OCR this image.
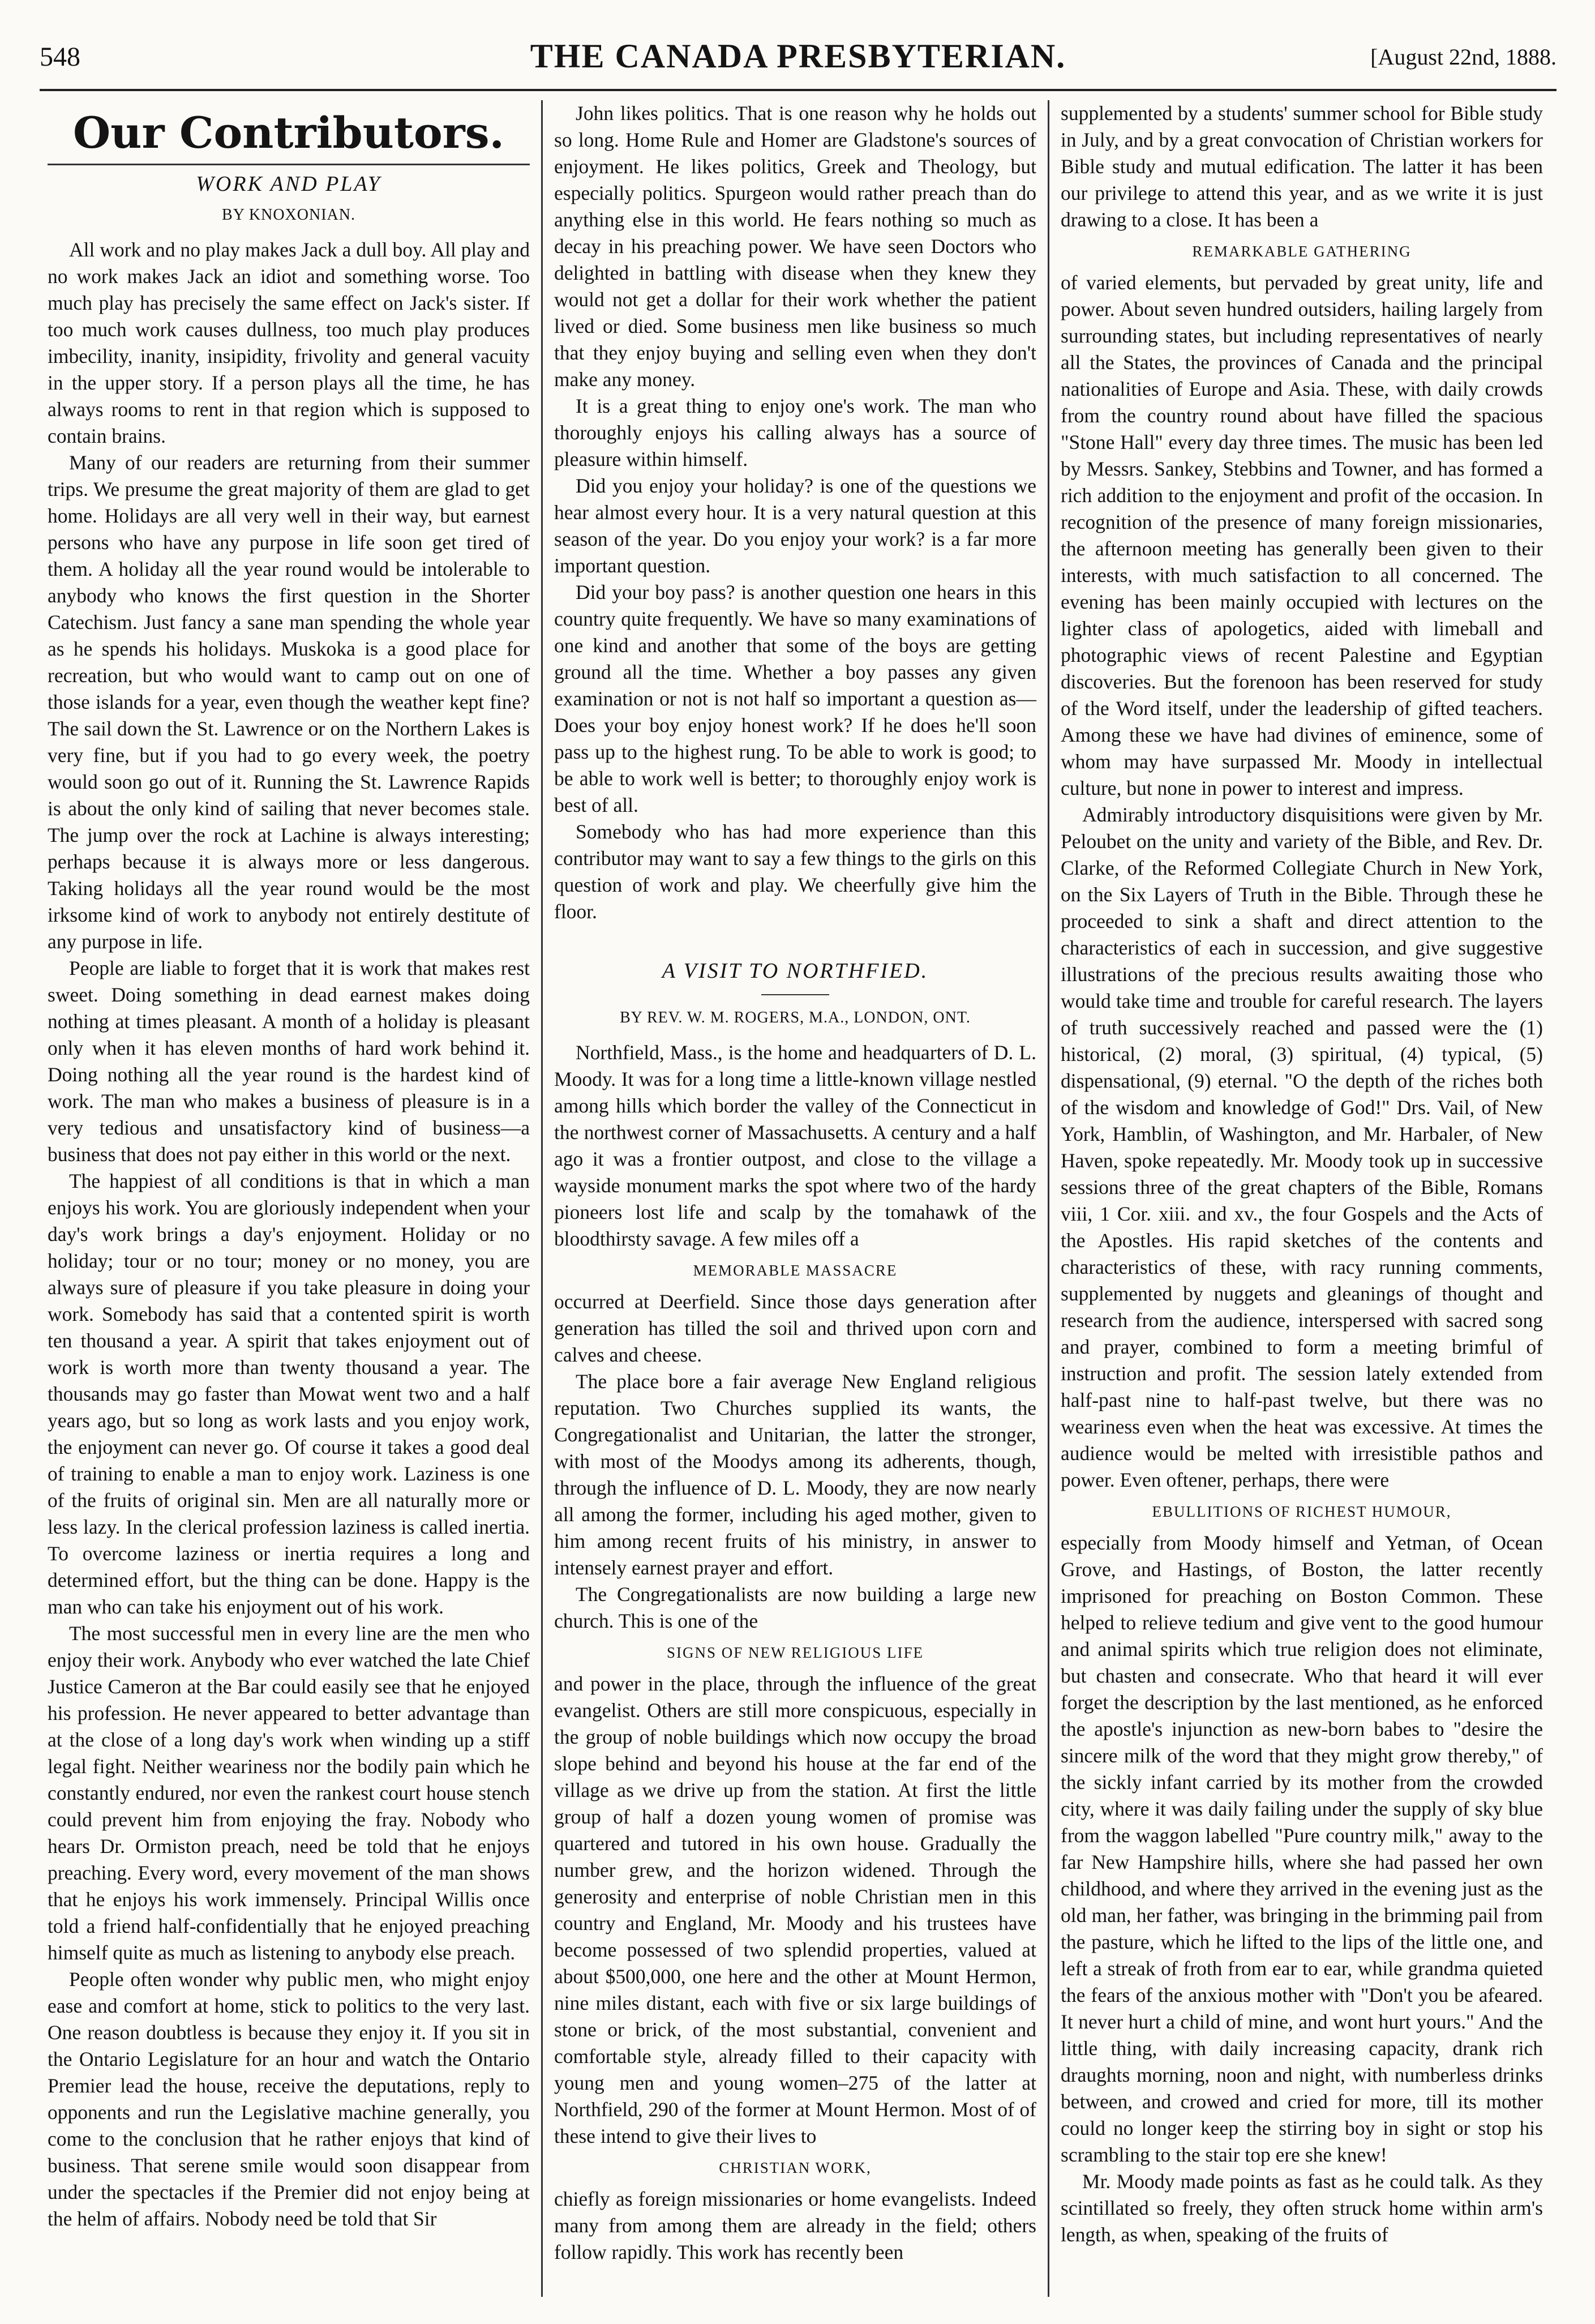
548	THE CANADA PRESBYTERIAN.	[August 22nd, 1888.
Our Contributors.
WORK AND PLAY
BY KNOXONIAN.

All work and no play makes Jack a dull boy. All play and no work makes Jack an idiot and something worse. Too much play has precisely the same effect on Jack's sister. If too much work causes dullness, too much play produces imbecility, inanity, insipidity, frivolity and general vacuity in the upper story. If a person plays all the time, he has always rooms to rent in that region which is supposed to contain brains.

Many of our readers are returning from their summer trips. We presume the great majority of them are glad to get home. Holidays are all very well in their way, but earnest persons who have any purpose in life soon get tired of them. A holiday all the year round would be intolerable to anybody who knows the first question in the Shorter Catechism. Just fancy a sane man spending the whole year as he spends his holidays. Muskoka is a good place for recreation, but who would want to camp out on one of those islands for a year, even though the weather kept fine? The sail down the St. Lawrence or on the Northern Lakes is very fine, but if you had to go every week, the poetry would soon go out of it. Running the St. Lawrence Rapids is about the only kind of sailing that never becomes stale. The jump over the rock at Lachine is always interesting; perhaps because it is always more or less dangerous. Taking holidays all the year round would be the most irksome kind of work to anybody not entirely destitute of any purpose in life.

People are liable to forget that it is work that makes rest sweet. Doing something in dead earnest makes doing nothing at times pleasant. A month of a holiday is pleasant only when it has eleven months of hard work behind it. Doing nothing all the year round is the hardest kind of work. The man who makes a business of pleasure is in a very tedious and unsatisfactory kind of business—a business that does not pay either in this world or the next.

The happiest of all conditions is that in which a man enjoys his work. You are gloriously independent when your day's work brings a day's enjoyment. Holiday or no holiday; tour or no tour; money or no money, you are always sure of pleasure if you take pleasure in doing your work. Somebody has said that a contented spirit is worth ten thousand a year. A spirit that takes enjoyment out of work is worth more than twenty thousand a year. The thousands may go faster than Mowat went two and a half years ago, but so long as work lasts and you enjoy work, the enjoyment can never go. Of course it takes a good deal of training to enable a man to enjoy work. Laziness is one of the fruits of original sin. Men are all naturally more or less lazy. In the clerical profession laziness is called inertia. To overcome laziness or inertia requires a long and determined effort, but the thing can be done. Happy is the man who can take his enjoyment out of his work.

The most successful men in every line are the men who enjoy their work. Anybody who ever watched the late Chief Justice Cameron at the Bar could easily see that he enjoyed his profession. He never appeared to better advantage than at the close of a long day's work when winding up a stiff legal fight. Neither weariness nor the bodily pain which he constantly endured, nor even the rankest court house stench could prevent him from enjoying the fray. Nobody who hears Dr. Ormiston preach, need be told that he enjoys preaching. Every word, every movement of the man shows that he enjoys his work immensely. Principal Willis once told a friend half-confidentially that he enjoyed preaching himself quite as much as listening to anybody else preach.

People often wonder why public men, who might enjoy ease and comfort at home, stick to politics to the very last. One reason doubtless is because they enjoy it. If you sit in the Ontario Legislature for an hour and watch the Ontario Premier lead the house, receive the deputations, reply to opponents and run the Legislative machine generally, you come to the conclusion that he rather enjoys that kind of business. That serene smile would soon disappear from under the spectacles if the Premier did not enjoy being at the helm of affairs. Nobody need be told that Sir

John likes politics. That is one reason why he holds out so long. Home Rule and Homer are Gladstone's sources of enjoyment. He likes politics, Greek and Theology, but especially politics. Spurgeon would rather preach than do anything else in this world. He fears nothing so much as decay in his preaching power. We have seen Doctors who delighted in battling with disease when they knew they would not get a dollar for their work whether the patient lived or died. Some business men like business so much that they enjoy buying and selling even when they don't make any money.

It is a great thing to enjoy one's work. The man who thoroughly enjoys his calling always has a source of pleasure within himself.

Did you enjoy your holiday? is one of the questions we hear almost every hour. It is a very natural question at this season of the year. Do you enjoy your work? is a far more important question.

Did your boy pass? is another question one hears in this country quite frequently. We have so many examinations of one kind and another that some of the boys are getting ground all the time. Whether a boy passes any given examination or not is not half so important a question as—Does your boy enjoy honest work? If he does he'll soon pass up to the highest rung. To be able to work is good; to be able to work well is better; to thoroughly enjoy work is best of all.

Somebody who has had more experience than this contributor may want to say a few things to the girls on this question of work and play. We cheerfully give him the floor.

A VISIT TO NORTHFIED.
BY REV. W. M. ROGERS, M.A., LONDON, ONT.

Northfield, Mass., is the home and headquarters of D. L. Moody. It was for a long time a little-known village nestled among hills which border the valley of the Connecticut in the northwest corner of Massachusetts. A century and a half ago it was a frontier outpost, and close to the village a wayside monument marks the spot where two of the hardy pioneers lost life and scalp by the tomahawk of the bloodthirsty savage. A few miles off a

MEMORABLE MASSACRE

occurred at Deerfield. Since those days generation after generation has tilled the soil and thrived upon corn and calves and cheese.

The place bore a fair average New England religious reputation. Two Churches supplied its wants, the Congregationalist and Unitarian, the latter the stronger, with most of the Moodys among its adherents, though, through the influence of D. L. Moody, they are now nearly all among the former, including his aged mother, given to him among recent fruits of his ministry, in answer to intensely earnest prayer and effort.

The Congregationalists are now building a large new church. This is one of the

SIGNS OF NEW RELIGIOUS LIFE

and power in the place, through the influence of the great evangelist. Others are still more conspicuous, especially in the group of noble buildings which now occupy the broad slope behind and beyond his house at the far end of the village as we drive up from the station. At first the little group of half a dozen young women of promise was quartered and tutored in his own house. Gradually the number grew, and the horizon widened. Through the generosity and enterprise of noble Christian men in this country and England, Mr. Moody and his trustees have become possessed of two splendid properties, valued at about $500,000, one here and the other at Mount Hermon, nine miles distant, each with five or six large buildings of stone or brick, of the most substantial, convenient and comfortable style, already filled to their capacity with young men and young women–275 of the latter at Northfield, 290 of the former at Mount Hermon. Most of of these intend to give their lives to

CHRISTIAN WORK,

chiefly as foreign missionaries or home evangelists. Indeed many from among them are already in the field; others follow rapidly. This work has recently been

supplemented by a students' summer school for Bible study in July, and by a great convocation of Christian workers for Bible study and mutual edification. The latter it has been our privilege to attend this year, and as we write it is just drawing to a close. It has been a

REMARKABLE GATHERING

of varied elements, but pervaded by great unity, life and power. About seven hundred outsiders, hailing largely from surrounding states, but including representatives of nearly all the States, the provinces of Canada and the principal nationalities of Europe and Asia. These, with daily crowds from the country round about have filled the spacious "Stone Hall" every day three times. The music has been led by Messrs. Sankey, Stebbins and Towner, and has formed a rich addition to the enjoyment and profit of the occasion. In recognition of the presence of many foreign missionaries, the afternoon meeting has generally been given to their interests, with much satisfaction to all concerned. The evening has been mainly occupied with lectures on the lighter class of apologetics, aided with limeball and photographic views of recent Palestine and Egyptian discoveries. But the forenoon has been reserved for study of the Word itself, under the leadership of gifted teachers. Among these we have had divines of eminence, some of whom may have surpassed Mr. Moody in intellectual culture, but none in power to interest and impress.

Admirably introductory disquisitions were given by Mr. Peloubet on the unity and variety of the Bible, and Rev. Dr. Clarke, of the Reformed Collegiate Church in New York, on the Six Layers of Truth in the Bible. Through these he proceeded to sink a shaft and direct attention to the characteristics of each in succession, and give suggestive illustrations of the precious results awaiting those who would take time and trouble for careful research. The layers of truth successively reached and passed were the (1) historical, (2) moral, (3) spiritual, (4) typical, (5) dispensational, (9) eternal. "O the depth of the riches both of the wisdom and knowledge of God!" Drs. Vail, of New York, Hamblin, of Washington, and Mr. Harbaler, of New Haven, spoke repeatedly. Mr. Moody took up in successive sessions three of the great chapters of the Bible, Romans viii, 1 Cor. xiii. and xv., the four Gospels and the Acts of the Apostles. His rapid sketches of the contents and characteristics of these, with racy running comments, supplemented by nuggets and gleanings of thought and research from the audience, interspersed with sacred song and prayer, combined to form a meeting brimful of instruction and profit. The session lately extended from half-past nine to half-past twelve, but there was no weariness even when the heat was excessive. At times the audience would be melted with irresistible pathos and power. Even oftener, perhaps, there were

EBULLITIONS OF RICHEST HUMOUR,

especially from Moody himself and Yetman, of Ocean Grove, and Hastings, of Boston, the latter recently imprisoned for preaching on Boston Common. These helped to relieve tedium and give vent to the good humour and animal spirits which true religion does not eliminate, but chasten and consecrate. Who that heard it will ever forget the description by the last mentioned, as he enforced the apostle's injunction as new-born babes to "desire the sincere milk of the word that they might grow thereby," of the sickly infant carried by its mother from the crowded city, where it was daily failing under the supply of sky blue from the waggon labelled "Pure country milk," away to the far New Hampshire hills, where she had passed her own childhood, and where they arrived in the evening just as the old man, her father, was bringing in the brimming pail from the pasture, which he lifted to the lips of the little one, and left a streak of froth from ear to ear, while grandma quieted the fears of the anxious mother with "Don't you be afeared. It never hurt a child of mine, and wont hurt yours." And the little thing, with daily increasing capacity, drank rich draughts morning, noon and night, with numberless drinks between, and crowed and cried for more, till its mother could no longer keep the stirring boy in sight or stop his scrambling to the stair top ere she knew!

Mr. Moody made points as fast as he could talk. As they scintillated so freely, they often struck home within arm's length, as when, speaking of the fruits of
